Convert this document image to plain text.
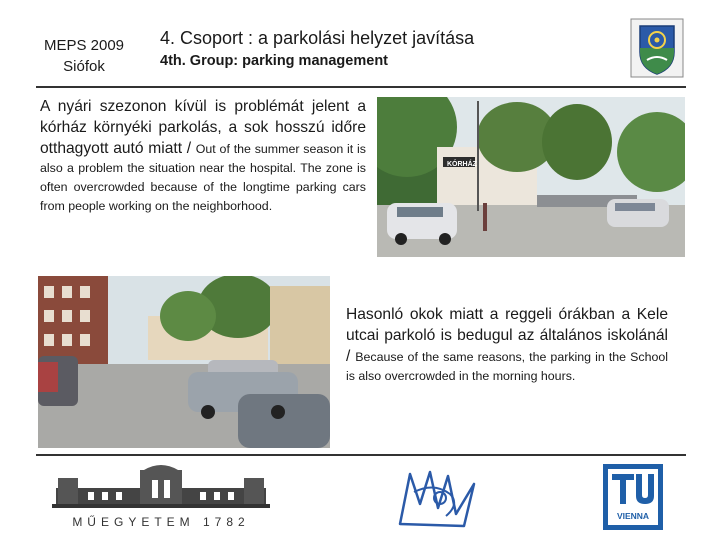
MEPS 2009
Siófok
4. Csoport : a parkolási helyzet javítása
4th. Group: parking management
A nyári szezonon kívül is problémát jelent a kórház környéki parkolás, a sok hosszú időre otthagyott autó miatt / Out of the summer season it is also a problem the situation near the hospital. The zone is often overcrowded because of the longtime parking cars from people working on the neighborhood.
KÓRHÁZ
Hasonló okok miatt a reggeli órákban a Kele utcai parkoló is bedugul az általános iskolánál / Because of the same reasons, the parking in the School is also overcrowded in the morning hours.
MŰEGYETEM 1782	VIENNA
